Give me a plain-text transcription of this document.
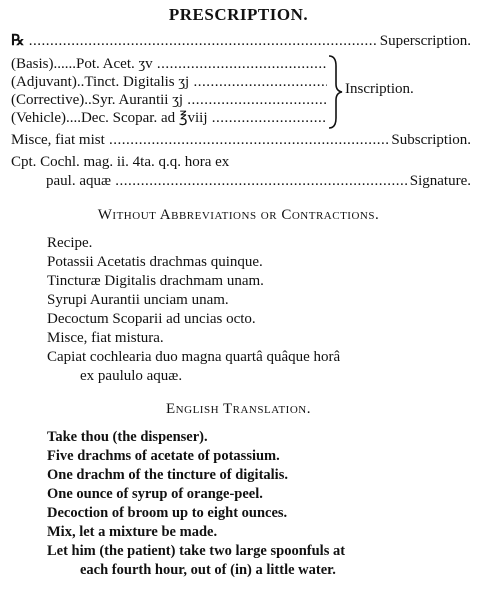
PRESCRIPTION.
℞ .....	Superscription.
(Basis)......Pot. Acet. ʒv .....
(Adjuvant)..Tinct. Digitalis ʒj .....
(Corrective)..Syr. Aurantii ʒj .....
(Vehicle)....Dec. Scopar. ad ℥viij .....
Inscription.
Misce, fiat mist .....	Subscription.
Cpt. Cochl. mag. ii. 4ta. q.q. hora ex
paul. aquæ .....	Signature.
Without Abbreviations or Contractions.
Recipe.
Potassii Acetatis drachmas quinque.
Tincturæ Digitalis drachmam unam.
Syrupi Aurantii unciam unam.
Decoctum Scoparii ad uncias octo.
Misce, fiat mistura.
Capiat cochlearia duo magna quartâ quâque horâ
ex paululo aquæ.
English Translation.
Take thou (the dispenser).
Five drachms of acetate of potassium.
One drachm of the tincture of digitalis.
One ounce of syrup of orange-peel.
Decoction of broom up to eight ounces.
Mix, let a mixture be made.
Let him (the patient) take two large spoonfuls at
each fourth hour, out of (in) a little water.
